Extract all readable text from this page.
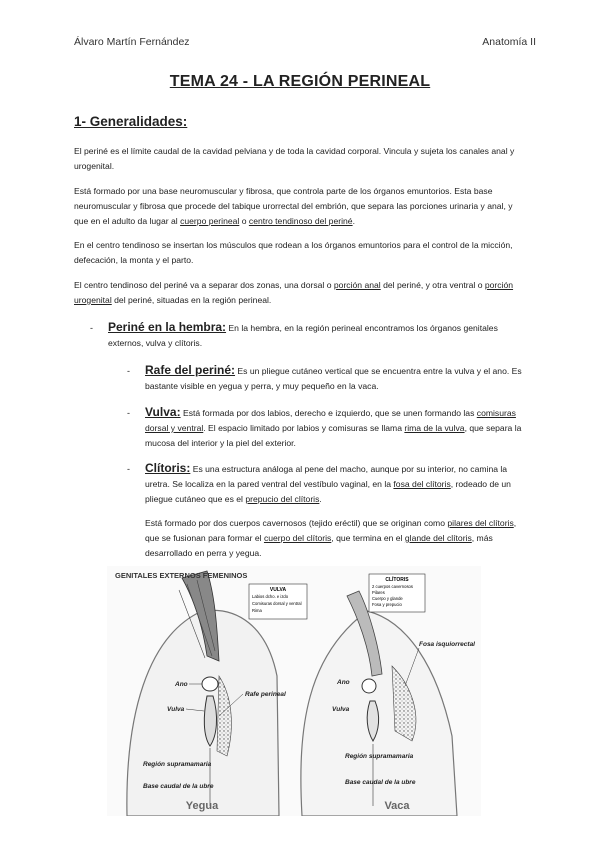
Álvaro Martín Fernández	Anatomía II
TEMA 24 - LA REGIÓN PERINEAL
1- Generalidades:

El periné es el límite caudal de la cavidad pelviana y de toda la cavidad corporal. Vincula y sujeta los canales anal y urogenital.

Está formado por una base neuromuscular y fibrosa, que controla parte de los órganos emuntorios. Esta base neuromuscular y fibrosa que procede del tabique urorrectal del embrión, que separa las porciones urinaria y anal, y que en el adulto da lugar al cuerpo perineal o centro tendinoso del periné.

En el centro tendinoso se insertan los músculos que rodean a los órganos emuntorios para el control de la micción, defecación, la monta y el parto.

El centro tendinoso del periné va a separar dos zonas, una dorsal o porción anal del periné, y otra ventral o porción urogenital del periné, situadas en la región perineal.

- Periné en la hembra: En la hembra, en la región perineal encontramos los órganos genitales externos, vulva y clítoris.

- Rafe del periné: Es un pliegue cutáneo vertical que se encuentra entre la vulva y el ano. Es bastante visible en yegua y perra, y muy pequeño en la vaca.

- Vulva: Está formada por dos labios, derecho e izquierdo, que se unen formando las comisuras dorsal y ventral. El espacio limitado por labios y comisuras se llama rima de la vulva, que separa la mucosa del interior y la piel del exterior.

- Clítoris: Es una estructura análoga al pene del macho, aunque por su interior, no camina la uretra. Se localiza en la pared ventral del vestíbulo vaginal, en la fosa del clítoris, rodeado de un pliegue cutáneo que es el prepucio del clítoris.

Está formado por dos cuerpos cavernosos (tejido eréctil) que se originan como pilares del clítoris, que se fusionan para formar el cuerpo del clítoris, que termina en el glande del clítoris, más desarrollado en perra y yegua.

GENITALES EXTERNOS FEMENINOS
VULVA
Labios dcho. e izdo
Comisuras dorsal y ventral
Rima
CLÍTORIS
2 cuerpos cavernosos
Pilares
Cuerpo y glande
Fosa y prepucio
Ano
Vulva
Rafe perineal
Región supramamaria
Base caudal de la ubre
Ano
Vulva
Fosa isquiorrectal
Región supramamaria
Base caudal de la ubre
Yegua	Vaca
